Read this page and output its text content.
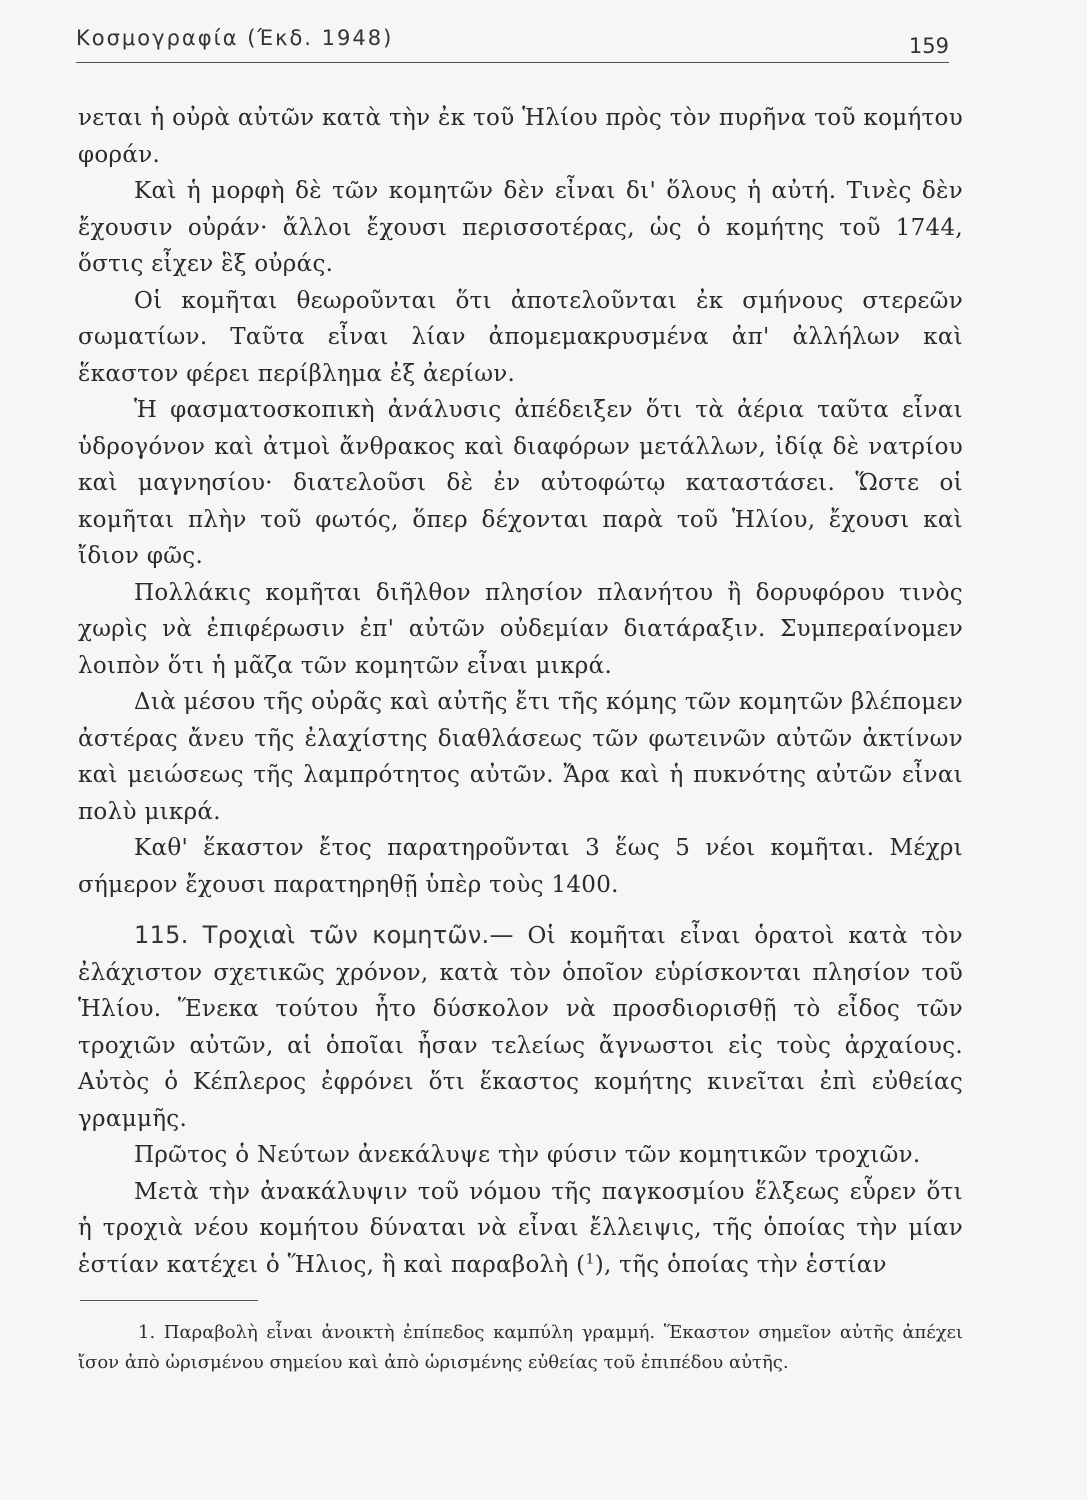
Κοσμογραφία (Έκδ. 1948)	159

νεται ἡ οὐρὰ αὐτῶν κατὰ τὴν ἐκ τοῦ Ἡλίου πρὸς τὸν πυρῆνα τοῦ κομήτου φοράν.

Καὶ ἡ μορφὴ δὲ τῶν κομητῶν δὲν εἶναι δι' ὅλους ἡ αὐτή. Τινὲς δὲν ἔχουσιν οὐράν· ἄλλοι ἔχουσι περισσοτέρας, ὡς ὁ κομήτης τοῦ 1744, ὅστις εἶχεν ἓξ οὐράς.

Οἱ κομῆται θεωροῦνται ὅτι ἀποτελοῦνται ἐκ σμήνους στερεῶν σωματίων. Ταῦτα εἶναι λίαν ἀπομεμακρυσμένα ἀπ' ἀλλήλων καὶ ἕκαστον φέρει περίβλημα ἐξ ἀερίων.

Ἡ φασματοσκοπικὴ ἀνάλυσις ἀπέδειξεν ὅτι τὰ ἀέρια ταῦτα εἶναι ὑδρογόνον καὶ ἀτμοὶ ἄνθρακος καὶ διαφόρων μετάλλων, ἰδίᾳ δὲ νατρίου καὶ μαγνησίου· διατελοῦσι δὲ ἐν αὐτοφώτῳ καταστάσει. Ὥστε οἱ κομῆται πλὴν τοῦ φωτός, ὅπερ δέχονται παρὰ τοῦ Ἡλίου, ἔχουσι καὶ ἴδιον φῶς.

Πολλάκις κομῆται διῆλθον πλησίον πλανήτου ἢ δορυφόρου τινὸς χωρὶς νὰ ἐπιφέρωσιν ἐπ' αὐτῶν οὐδεμίαν διατάραξιν. Συμπεραίνομεν λοιπὸν ὅτι ἡ μᾶζα τῶν κομητῶν εἶναι μικρά.

Διὰ μέσου τῆς οὐρᾶς καὶ αὐτῆς ἔτι τῆς κόμης τῶν κομητῶν βλέπομεν ἀστέρας ἄνευ τῆς ἐλαχίστης διαθλάσεως τῶν φωτεινῶν αὐτῶν ἀκτίνων καὶ μειώσεως τῆς λαμπρότητος αὐτῶν. Ἄρα καὶ ἡ πυκνότης αὐτῶν εἶναι πολὺ μικρά.

Καθ' ἕκαστον ἔτος παρατηροῦνται 3 ἕως 5 νέοι κομῆται. Μέχρι σήμερον ἔχουσι παρατηρηθῇ ὑπὲρ τοὺς 1400.

115. Τροχιαὶ τῶν κομητῶν.— Οἱ κομῆται εἶναι ὁρατοὶ κατὰ τὸν ἐλάχιστον σχετικῶς χρόνον, κατὰ τὸν ὁποῖον εὑρίσκονται πλησίον τοῦ Ἡλίου. Ἕνεκα τούτου ἦτο δύσκολον νὰ προσδιορισθῇ τὸ εἶδος τῶν τροχιῶν αὐτῶν, αἱ ὁποῖαι ἦσαν τελείως ἄγνωστοι εἰς τοὺς ἀρχαίους. Αὐτὸς ὁ Κέπλερος ἐφρόνει ὅτι ἕκαστος κομήτης κινεῖται ἐπὶ εὐθείας γραμμῆς.

Πρῶτος ὁ Νεύτων ἀνεκάλυψε τὴν φύσιν τῶν κομητικῶν τροχιῶν.

Μετὰ τὴν ἀνακάλυψιν τοῦ νόμου τῆς παγκοσμίου ἕλξεως εὗρεν ὅτι ἡ τροχιὰ νέου κομήτου δύναται νὰ εἶναι ἔλλειψις, τῆς ὁποίας τὴν μίαν ἑστίαν κατέχει ὁ Ἥλιος, ἢ καὶ παραβολὴ ($^1$), τῆς ὁποίας τὴν ἑστίαν

1. Παραβολὴ εἶναι ἀνοικτὴ ἐπίπεδος καμπύλη γραμμή. Ἕκαστον σημεῖον αὐτῆς ἀπέχει ἴσον ἀπὸ ὡρισμένου σημείου καὶ ἀπὸ ὡρισμένης εὐθείας τοῦ ἐπιπέδου αὐτῆς.
